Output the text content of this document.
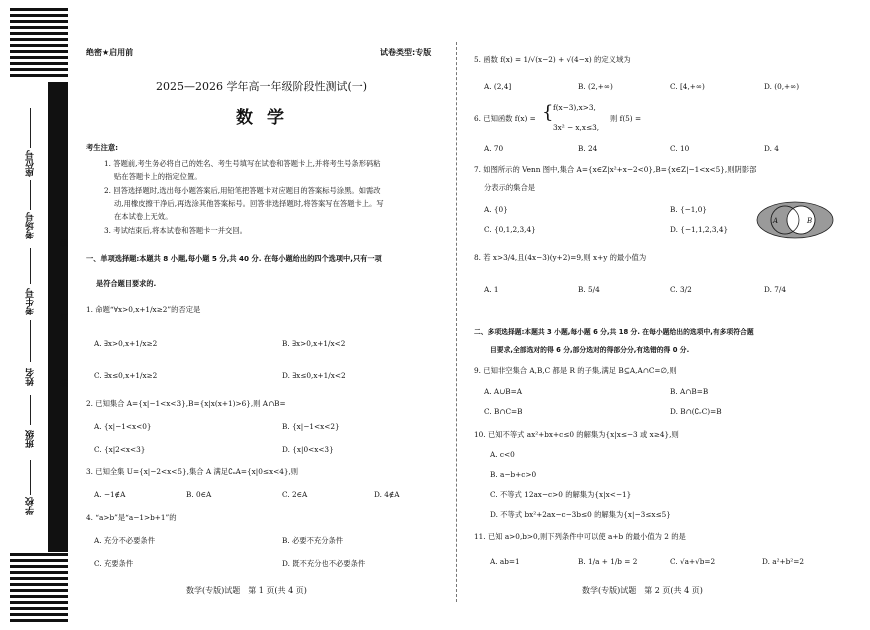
座位号
考场号
考生号
姓名
班级
学校
线
订
装
绝密★启用前	试卷类型:专版
2025—2026 学年高一年级阶段性测试(一)
数学
考生注意:
1. 答题前,考生务必将自己的姓名、考生号填写在试卷和答题卡上,并将考生号条形码粘
贴在答题卡上的指定位置。
2. 回答选择题时,选出每小题答案后,用铅笔把答题卡对应题目的答案标号涂黑。如需改
动,用橡皮擦干净后,再选涂其他答案标号。回答非选择题时,将答案写在答题卡上。写
在本试卷上无效。
3. 考试结束后,将本试卷和答题卡一并交回。
一、单项选择题:本题共 8 小题,每小题 5 分,共 40 分. 在每小题给出的四个选项中,只有一项
是符合题目要求的.
1. 命题“∀x>0,x+1/x≥2”的否定是
A. ∃x>0,x+1/x≥2	B. ∃x>0,x+1/x<2
C. ∃x≤0,x+1/x≥2	D. ∃x≤0,x+1/x<2
2. 已知集合 A={x|−1<x<3},B={x|x(x+1)>6},则 A∩B=
A. {x|−1<x<0}	B. {x|−1<x<2}
C. {x|2<x<3}	D. {x|0<x<3}
3. 已知全集 U={x|−2<x<5},集合 A 满足∁ᵤA={x|0≤x<4},则
A. −1∉A	B. 0∈A	C. 2∈A	D. 4∉A
4. “a>b”是“a−1>b+1”的
A. 充分不必要条件	B. 必要不充分条件
C. 充要条件	D. 既不充分也不必要条件
数学(专版)试题　第 1 页(共 4 页)
5. 函数 f(x) = 1/√(x−2) + √(4−x) 的定义域为
A. (2,4]	B. (2,+∞)	C. [4,+∞)	D. (0,+∞)
6. 已知函数 f(x) = { f(x−3),x>3,
3x² − x,x≤3,
则 f(5) =
A. 70	B. 24	C. 10	D. 4
7. 如图所示的 Venn 图中,集合 A={x∈Z|x²+x−2<0},B={x∈Z|−1<x<5},则阴影部
分表示的集合是
A. {0}	B. {−1,0}
C. {0,1,2,3,4}	D. {−1,1,2,3,4}
A	B
8. 若 x>3/4,且(4x−3)(y+2)=9,则 x+y 的最小值为
A. 1	B. 5/4	C. 3/2	D. 7/4
二、多项选择题:本题共 3 小题,每小题 6 分,共 18 分. 在每小题给出的选项中,有多项符合题
目要求,全部选对的得 6 分,部分选对的得部分分,有选错的得 0 分.
9. 已知非空集合 A,B,C 都是 R 的子集,满足 B⊆A,A∩C=∅,则
A. A∪B=A	B. A∩B=B
C. B∩C=B	D. B∩(∁ᵣC)=B
10. 已知不等式 ax²+bx+c≤0 的解集为{x|x≤−3 或 x≥4},则
A. c<0
B. a−b+c>0
C. 不等式 12ax−c>0 的解集为{x|x<−1}
D. 不等式 bx²+2ax−c−3b≤0 的解集为{x|−3≤x≤5}
11. 已知 a>0,b>0,则下列条件中可以使 a+b 的最小值为 2 的是
A. ab=1	B. 1/a + 1/b = 2	C. √a+√b=2	D. a²+b²=2
数学(专版)试题　第 2 页(共 4 页)
